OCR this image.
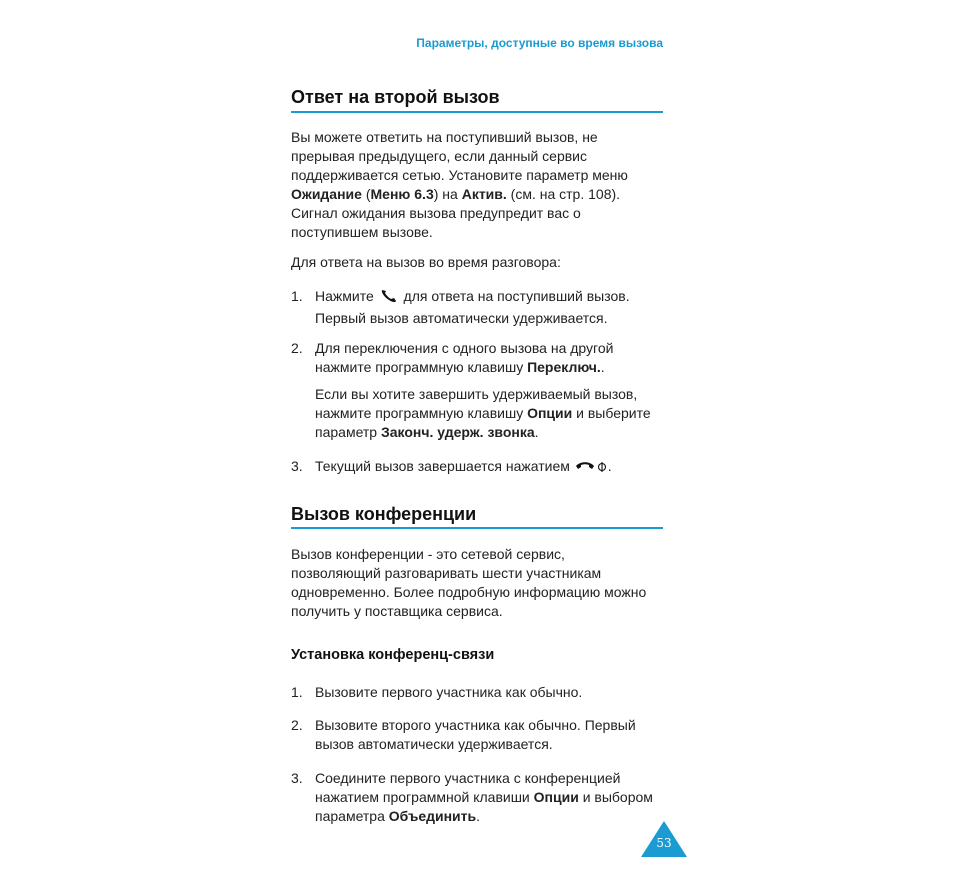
Параметры, доступные во время вызова
Ответ на второй вызов
Вы можете ответить на поступивший вызов, не
прерывая предыдущего, если данный сервис
поддерживается сетью. Установите параметр меню
Ожидание (Меню 6.3) на Актив. (см. на стр. 108).
Сигнал ожидания вызова предупредит вас о
поступившем вызове.
Для ответа на вызов во время разговора:
1. Нажмите  для ответа на поступивший вызов.
Первый вызов автоматически удерживается.
2. Для переключения с одного вызова на другой
нажмите программную клавишу Переключ..
Если вы хотите завершить удерживаемый вызов,
нажмите программную клавишу Опции и выберите
параметр Законч. удерж. звонка.
3. Текущий вызов завершается нажатием .
Вызов конференции
Вызов конференции - это сетевой сервис,
позволяющий разговаривать шести участникам
одновременно. Более подробную информацию можно
получить у поставщика сервиса.
Установка конференц-связи
1. Вызовите первого участника как обычно.
2. Вызовите второго участника как обычно. Первый
вызов автоматически удерживается.
3. Соедините первого участника с конференцией
нажатием программной клавиши Опции и выбором
параметра Объединить.
53
